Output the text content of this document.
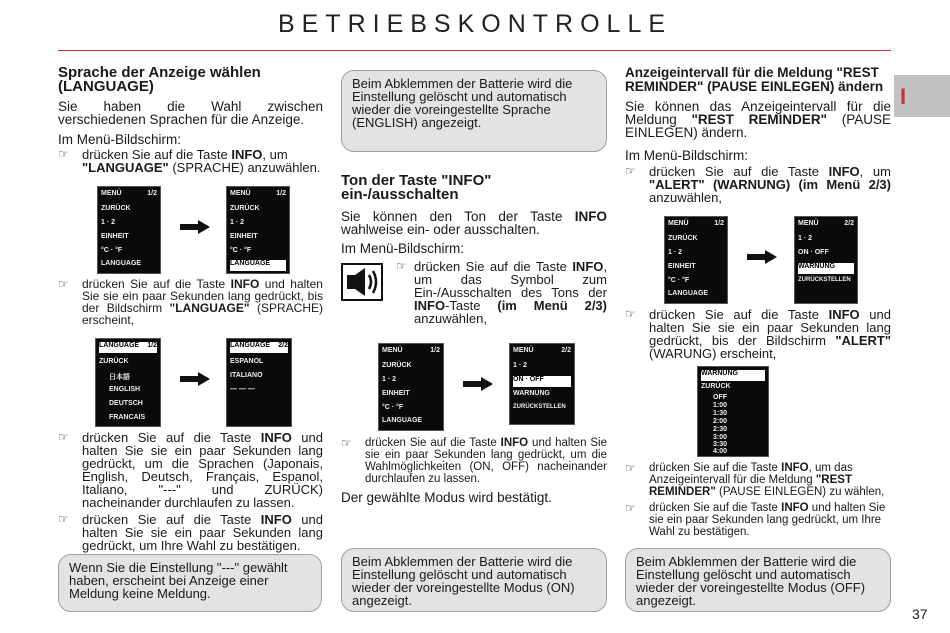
BETRIEBSKONTROLLE
I
37
Sprache der Anzeige wählen (LANGUAGE)

Sie haben die Wahl zwischen verschiedenen Sprachen für die Anzeige.

Im Menü-Bildschirm:

☞ drücken Sie auf die Taste INFO, um "LANGUAGE" (SPRACHE) anzuwählen.
MENÜ	1/2
ZURÜCK
1 · 2
EINHEIT
°C · °F
LANGUAGE
MENÜ	1/2
ZURÜCK
1 · 2
EINHEIT
°C · °F
LANGUAGE
☞ drücken Sie auf die Taste INFO und halten Sie sie ein paar Sekunden lang gedrückt, bis der Bildschirm "LANGUAGE" (SPRACHE) erscheint,
LANGUAGE 1/2
ZURÜCK
日本語
ENGLISH
DEUTSCH
FRANCAIS
LANGUAGE 2/2
ESPANOL
ITALIANO
— — —
☞ drücken Sie auf die Taste INFO und halten Sie sie ein paar Sekunden lang gedrückt, um die Sprachen (Japonais, English, Deutsch, Français, Espanol, Italiano, "---" und ZURÜCK) nacheinander durchlaufen zu lassen.
☞ drücken Sie auf die Taste INFO und halten Sie sie ein paar Sekunden lang gedrückt, um Ihre Wahl zu bestätigen.
Wenn Sie die Einstellung "---" gewählt haben, erscheint bei Anzeige einer Meldung keine Meldung.
Beim Abklemmen der Batterie wird die Einstellung gelöscht und automatisch wieder die voreingestellte Sprache (ENGLISH) angezeigt.
Ton der Taste "INFO" ein-/ausschalten

Sie können den Ton der Taste INFO wahlweise ein- oder ausschalten.

Im Menü-Bildschirm:

☞ drücken Sie auf die Taste INFO, um das Symbol zum Ein-/Ausschalten des Tons der INFO-Taste (im Menü 2/3) anzuwählen,
MENÜ	1/2
ZURÜCK
1 · 2
EINHEIT
°C · °F
LANGUAGE
MENÜ	2/2
1 · 2
ON · OFF
WARNUNG
ZURÜCKSTELLEN
☞ drücken Sie auf die Taste INFO und halten Sie sie ein paar Sekunden lang gedrückt, um die Wahlmöglichkeiten (ON, OFF) nacheinander durchlaufen zu lassen.

Der gewählte Modus wird bestätigt.

Beim Abklemmen der Batterie wird die Einstellung gelöscht und automatisch wieder der voreingestellte Modus (ON) angezeigt.
Anzeigeintervall für die Meldung "REST REMINDER" (PAUSE EINLEGEN) ändern

Sie können das Anzeigeintervall für die Meldung "REST REMINDER" (PAUSE EINLEGEN) ändern.

Im Menü-Bildschirm:

☞ drücken Sie auf die Taste INFO, um "ALERT" (WARNUNG) (im Menü 2/3) anzuwählen,
MENÜ	1/2
ZURÜCK
1 · 2
EINHEIT
°C · °F
LANGUAGE
MENÜ	2/2
1 · 2
ON · OFF
WARNUNG
ZURÜCKSTELLEN
☞ drücken Sie auf die Taste INFO und halten Sie sie ein paar Sekunden lang gedrückt, bis der Bildschirm "ALERT" (WARUNG) erscheint,
WARNUNG
ZURÜCK
OFF
1:00
1:30
2:00
2:30
3:00
3:30
4:00
☞ drücken Sie auf die Taste INFO, um das Anzeigeintervall für die Meldung "REST REMINDER" (PAUSE EINLEGEN) zu wählen,
☞ drücken Sie auf die Taste INFO und halten Sie sie ein paar Sekunden lang gedrückt, um Ihre Wahl zu bestätigen.
Beim Abklemmen der Batterie wird die Einstellung gelöscht und automatisch wieder der voreingestellte Modus (OFF) angezeigt.
